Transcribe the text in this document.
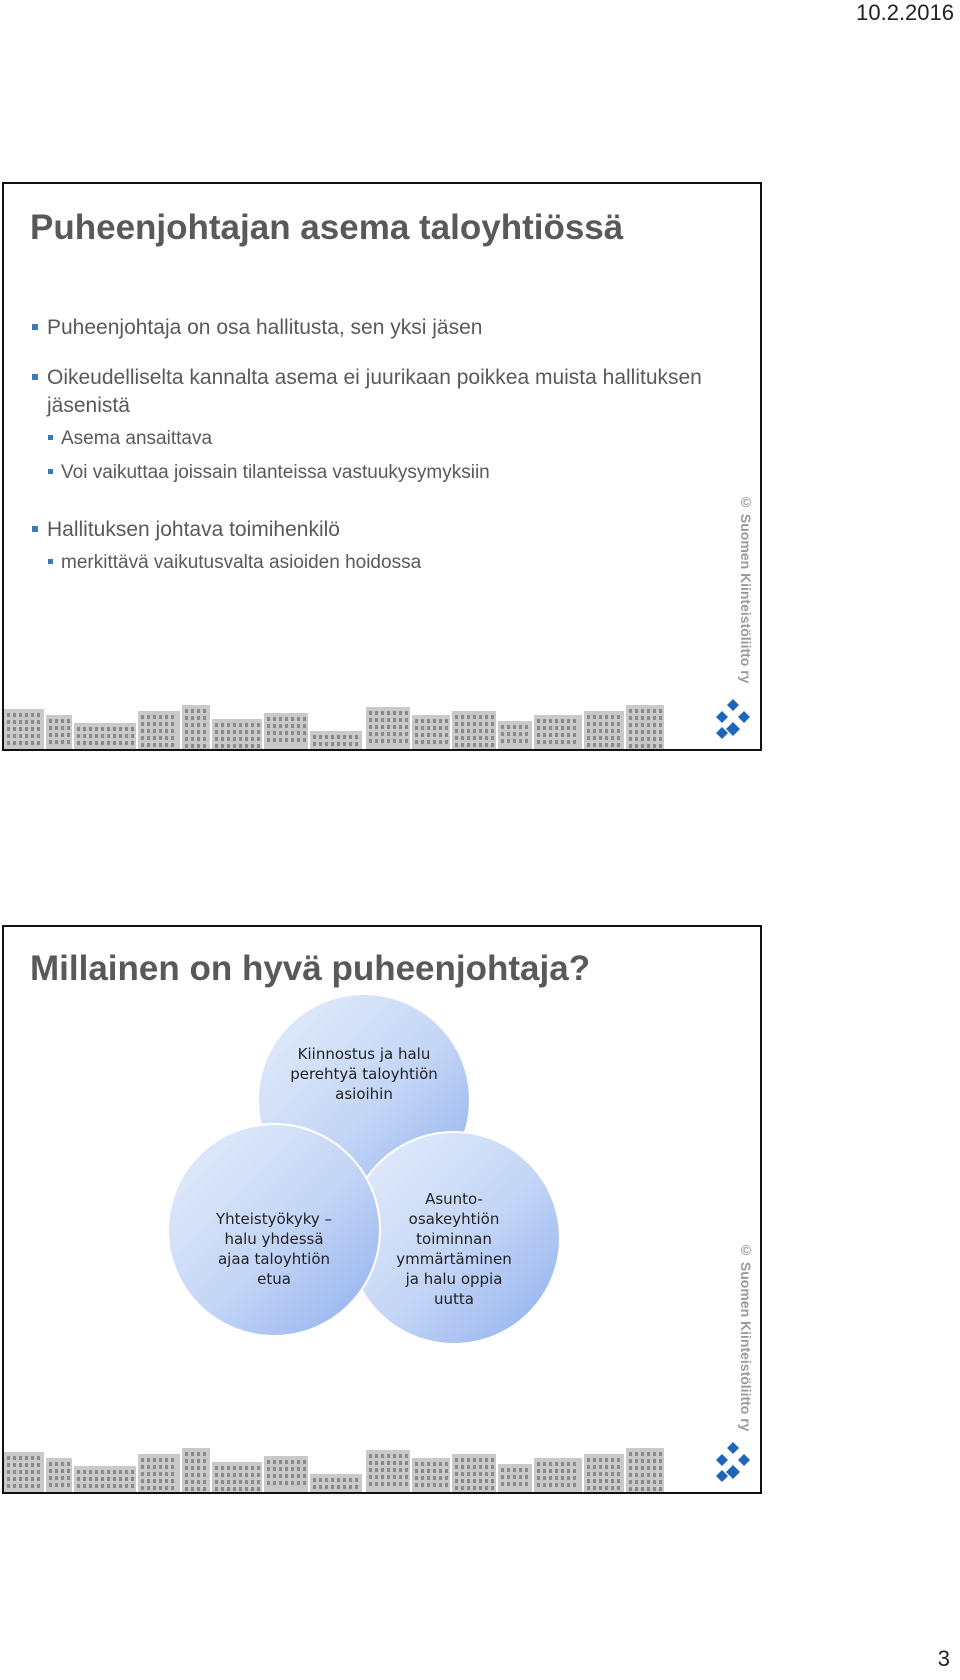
10.2.2016
Puheenjohtajan asema taloyhtiössä
Puheenjohtaja on osa hallitusta, sen yksi jäsen
Oikeudelliselta kannalta asema ei juurikaan poikkea muista hallituksen jäsenistä
Asema ansaittava
Voi vaikuttaa joissain tilanteissa vastuukysymyksiin
Hallituksen johtava toimihenkilö
merkittävä vaikutusvalta asioiden hoidossa	© Suomen Kiinteistöliitto ry
Millainen on hyvä puheenjohtaja?
Kiinnostus ja halu
perehtyä taloyhtiön
asioihin
Yhteistyökyky –
halu yhdessä
ajaa taloyhtiön
etua
Asunto-
osakeyhtiön
toiminnan
ymmärtäminen
ja halu oppia
uutta	© Suomen Kiinteistöliitto ry
3
